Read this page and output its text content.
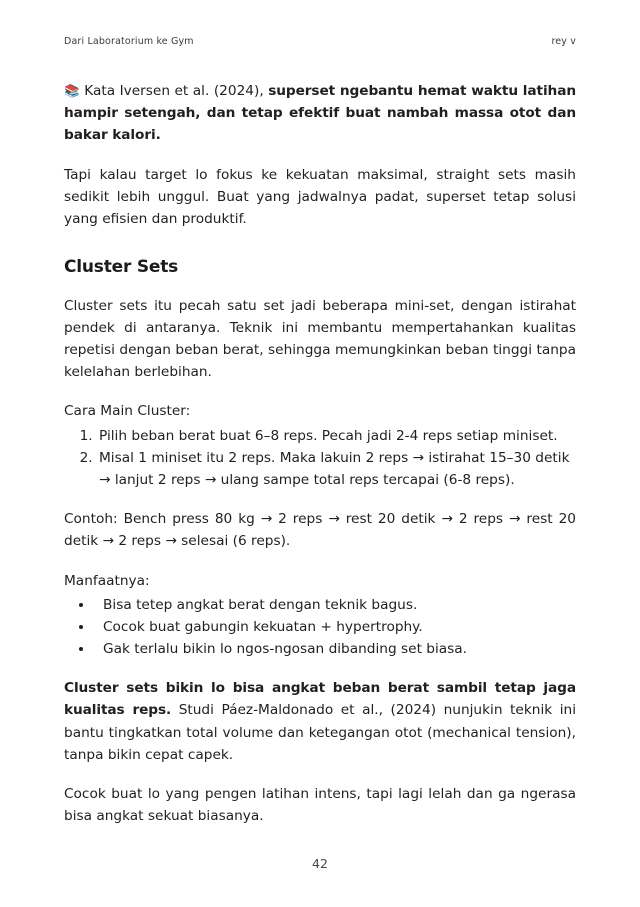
Dari Laboratorium ke Gym	rey v

📚 Kata Iversen et al. (2024), superset ngebantu hemat waktu latihan hampir setengah, dan tetap efektif buat nambah massa otot dan bakar kalori.

Tapi kalau target lo fokus ke kekuatan maksimal, straight sets masih sedikit lebih unggul. Buat yang jadwalnya padat, superset tetap solusi yang efisien dan produktif.

Cluster Sets

Cluster sets itu pecah satu set jadi beberapa mini-set, dengan istirahat pendek di antaranya. Teknik ini membantu mempertahankan kualitas repetisi dengan beban berat, sehingga memungkinkan beban tinggi tanpa kelelahan berlebihan.

Cara Main Cluster:

1. Pilih beban berat buat 6–8 reps. Pecah jadi 2-4 reps setiap miniset.
2. Misal 1 miniset itu 2 reps. Maka lakuin 2 reps → istirahat 15–30 detik → lanjut 2 reps → ulang sampe total reps tercapai (6-8 reps).

Contoh: Bench press 80 kg → 2 reps → rest 20 detik → 2 reps → rest 20 detik → 2 reps → selesai (6 reps).

Manfaatnya:

• Bisa tetep angkat berat dengan teknik bagus.
• Cocok buat gabungin kekuatan + hypertrophy.
• Gak terlalu bikin lo ngos-ngosan dibanding set biasa.

Cluster sets bikin lo bisa angkat beban berat sambil tetap jaga kualitas reps. Studi Páez-Maldonado et al., (2024) nunjukin teknik ini bantu tingkatkan total volume dan ketegangan otot (mechanical tension), tanpa bikin cepat capek.

Cocok buat lo yang pengen latihan intens, tapi lagi lelah dan ga ngerasa bisa angkat sekuat biasanya.

42
